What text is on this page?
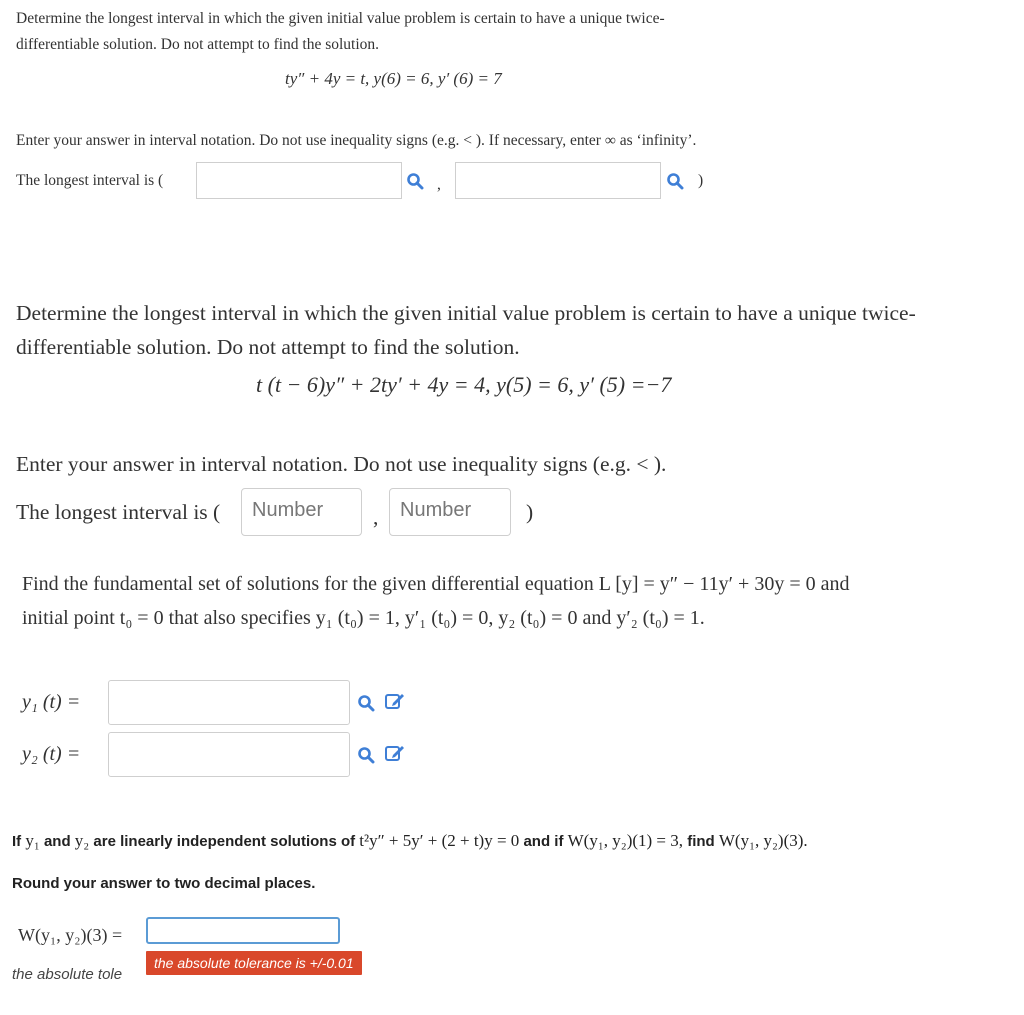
Determine the longest interval in which the given initial value problem is certain to have a unique twice-
differentiable solution. Do not attempt to find the solution.
ty″ + 4y = t, y(6) = 6, y′ (6) = 7
Enter your answer in interval notation. Do not use inequality signs (e.g. < ). If necessary, enter ∞ as ‘infinity’.
The longest interval is (	,	)
Determine the longest interval in which the given initial value problem is certain to have a unique twice-
differentiable solution. Do not attempt to find the solution.
t (t − 6)y″ + 2ty′ + 4y = 4, y(5) = 6, y′ (5) =−7
Enter your answer in interval notation. Do not use inequality signs (e.g. < ).
The longest interval is (	Number	,	Number	)
Find the fundamental set of solutions for the given differential equation L [y] = y″ − 11y′ + 30y = 0 and
initial point t₀ = 0 that also specifies y₁ (t₀) = 1, y′₁ (t₀) = 0, y₂ (t₀) = 0 and y′₂ (t₀) = 1.
y₁ (t) =
y₂ (t) =
If y₁ and y₂ are linearly independent solutions of t²y″ + 5y′ + (2 + t)y = 0 and if W(y₁, y₂)(1) = 3, find W(y₁, y₂)(3).
Round your answer to two decimal places.
W(y₁, y₂)(3) =
the absolute tole
the absolute tolerance is +/-0.01
